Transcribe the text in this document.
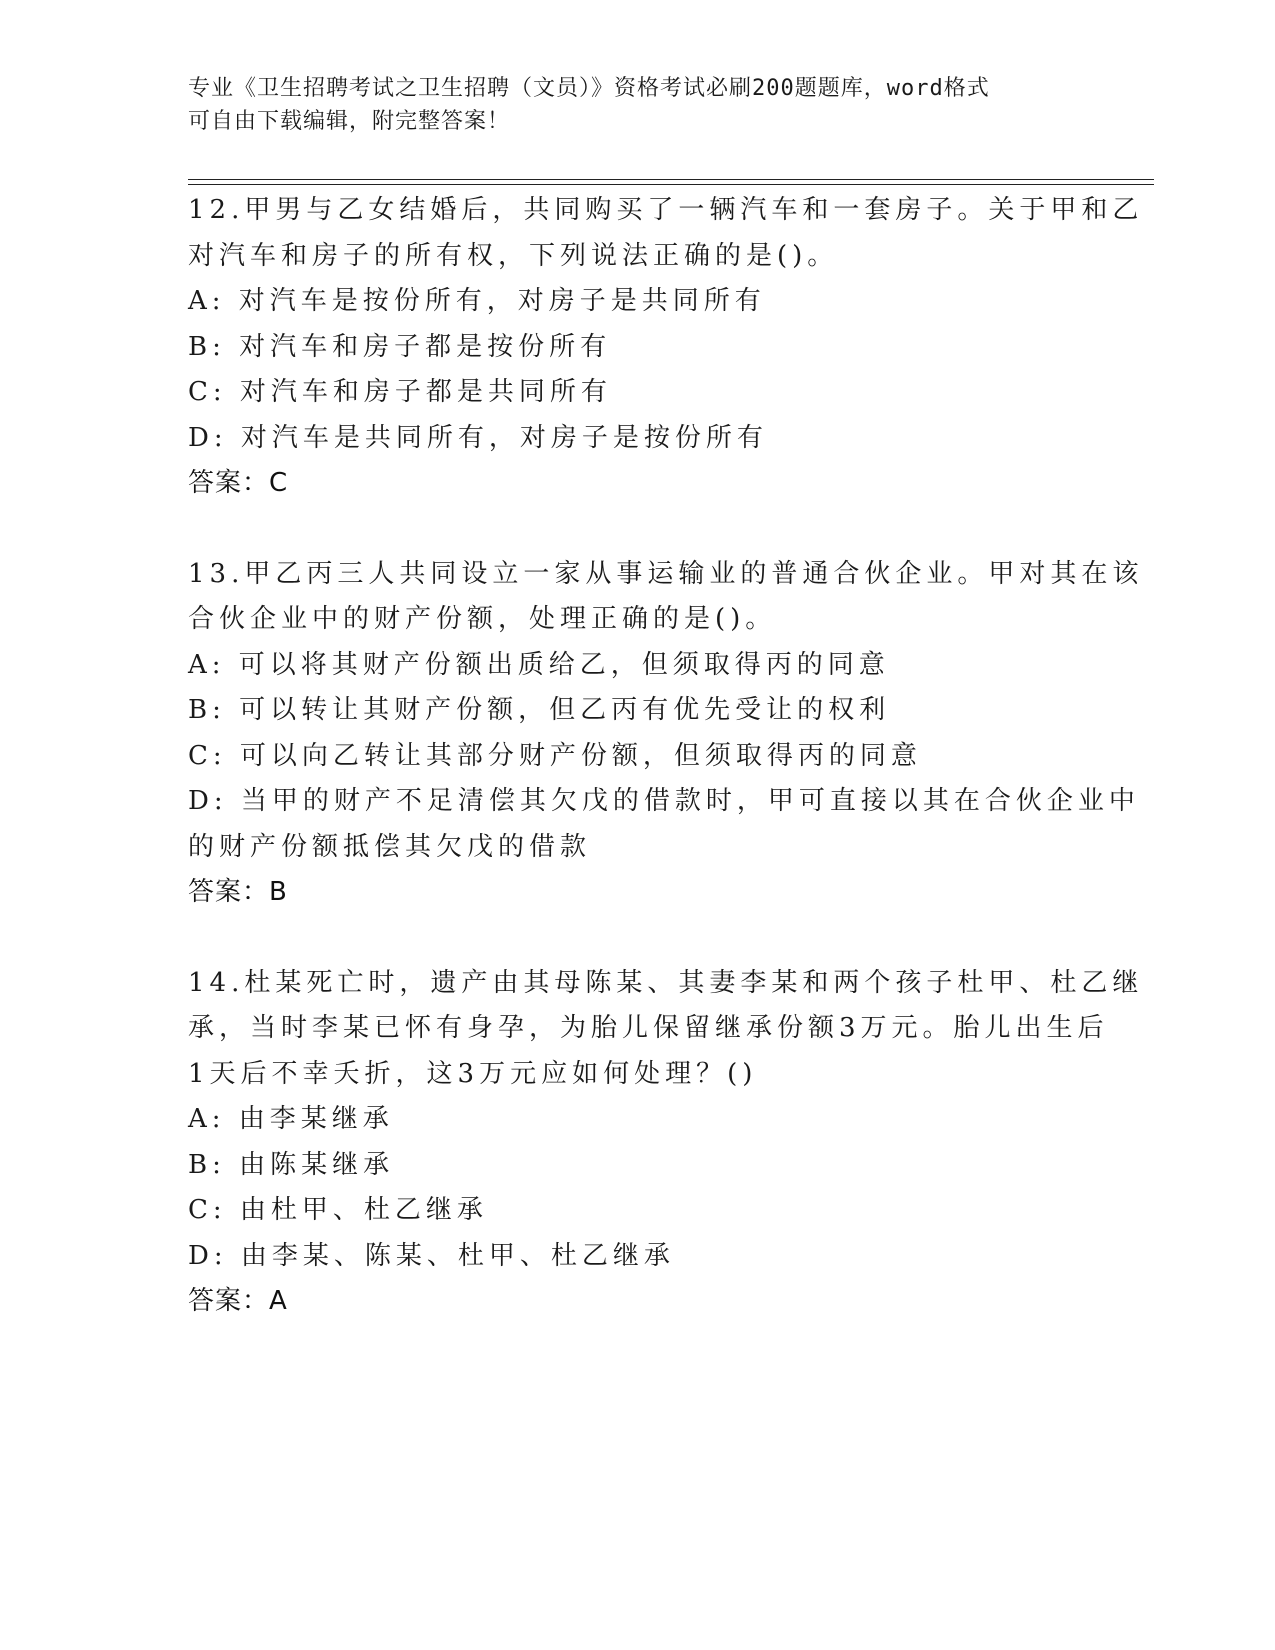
专业《卫生招聘考试之卫生招聘（文员）》资格考试必刷200题题库，word格式
可自由下载编辑，附完整答案！
12.甲男与乙女结婚后，共同购买了一辆汽车和一套房子。关于甲和乙
对汽车和房子的所有权，下列说法正确的是()。
A: 对汽车是按份所有，对房子是共同所有
B: 对汽车和房子都是按份所有
C: 对汽车和房子都是共同所有
D: 对汽车是共同所有，对房子是按份所有
答案：C
13.甲乙丙三人共同设立一家从事运输业的普通合伙企业。甲对其在该
合伙企业中的财产份额，处理正确的是()。
A: 可以将其财产份额出质给乙，但须取得丙的同意
B: 可以转让其财产份额，但乙丙有优先受让的权利
C: 可以向乙转让其部分财产份额，但须取得丙的同意
D: 当甲的财产不足清偿其欠戊的借款时，甲可直接以其在合伙企业中
的财产份额抵偿其欠戊的借款
答案：B
14.杜某死亡时，遗产由其母陈某、其妻李某和两个孩子杜甲、杜乙继
承，当时李某已怀有身孕，为胎儿保留继承份额3万元。胎儿出生后
1天后不幸夭折，这3万元应如何处理？()
A: 由李某继承
B: 由陈某继承
C: 由杜甲、杜乙继承
D: 由李某、陈某、杜甲、杜乙继承
答案：A
